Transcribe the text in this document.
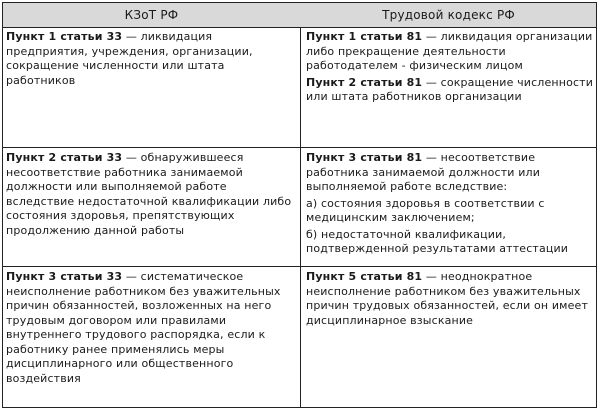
КЗоТ РФ	Трудовой кодекс РФ

Пункт 1 статьи 33 — ликвидация предприятия, учреждения, организации, сокращение численности или штата работников

Пункт 1 статьи 81 — ликвидация организации либо прекращение деятельности работодателем - физическим лицом

Пункт 2 статьи 81 — сокращение численности или штата работников организации

Пункт 2 статьи 33 — обнаружившееся несоответствие работника занимаемой должности или выполняемой работе вследствие недостаточной квалификации либо состояния здоровья, препятствующих продолжению данной работы

Пункт 3 статьи 81 — несоответствие работника занимаемой должности или выполняемой работе вследствие:

а) состояния здоровья в соответствии с медицинским заключением;

б) недостаточной квалификации, подтвержденной результатами аттестации

Пункт 3 статьи 33 — систематическое неисполнение работником без уважительных причин обязанностей, возложенных на него трудовым договором или правилами внутреннего трудового распорядка, если к работнику ранее применялись меры дисциплинарного или общественного воздействия

Пункт 5 статьи 81 — неоднократное неисполнение работником без уважительных причин трудовых обязанностей, если он имеет дисциплинарное взыскание
